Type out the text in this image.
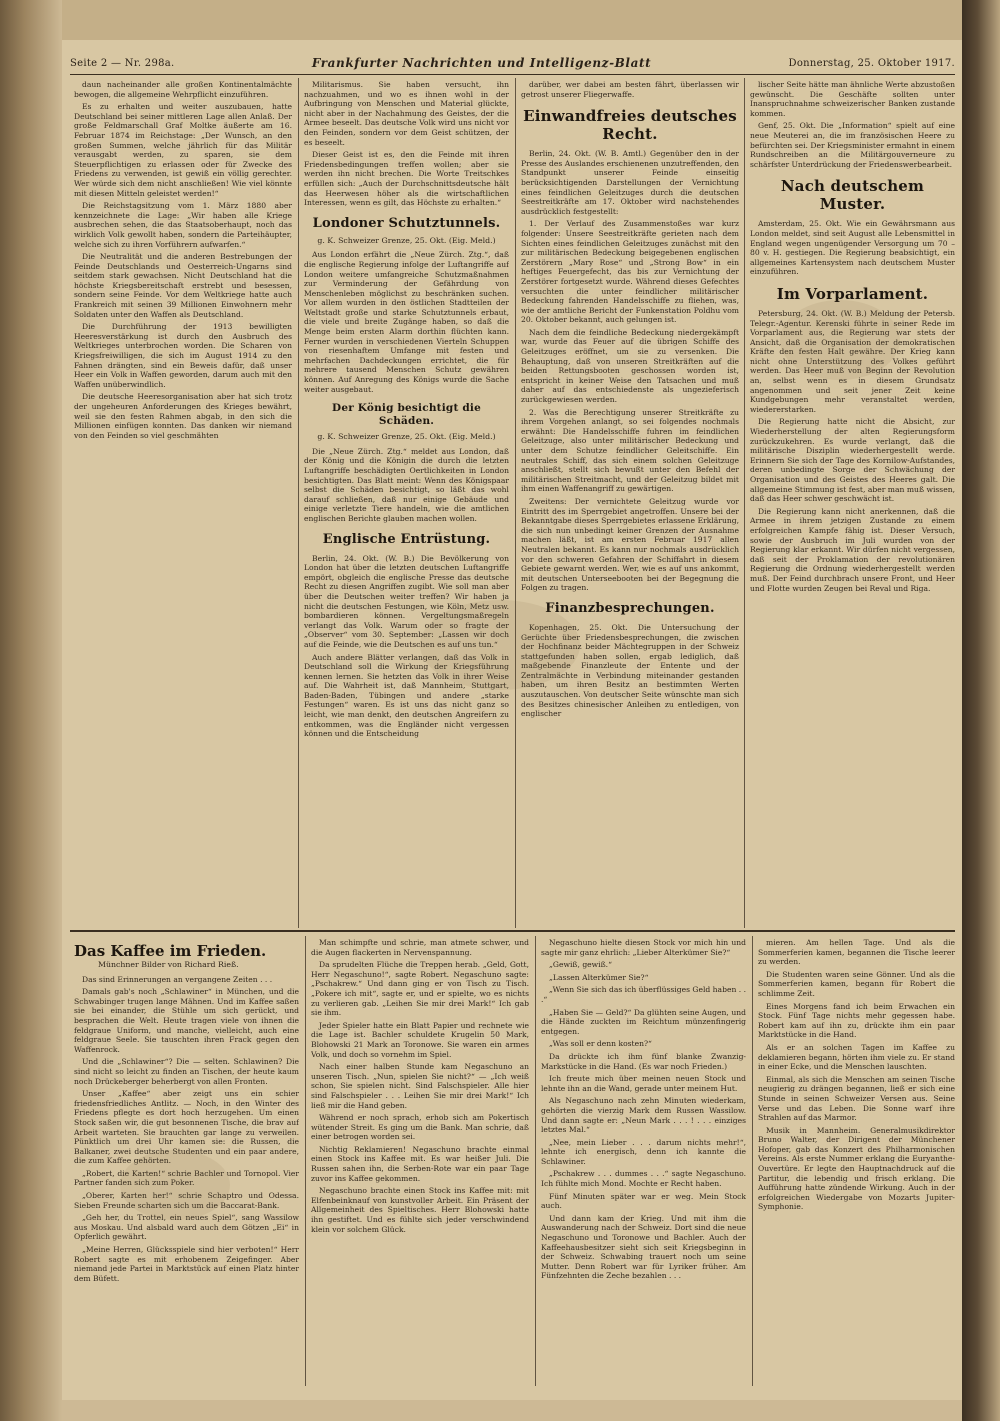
Seite 2 — Nr. 298a.	Frankfurter Nachrichten und Intelligenz-Blatt	Donnerstag, 25. Oktober 1917.

daun nacheinander alle großen Kontinentalmächte bewogen, die allgemeine Wehrpflicht einzuführen.

Es zu erhalten und weiter auszubauen, hatte Deutschland bei seiner mittleren Lage allen Anlaß. Der große Feldmarschall Graf Moltke äußerte am 16. Februar 1874 im Reichstage: „Der Wunsch, an den großen Summen, welche jährlich für das Militär verausgabt werden, zu sparen, sie dem Steuerpflichtigen zu erlassen oder für Zwecke des Friedens zu verwenden, ist gewiß ein völlig gerechter. Wer würde sich dem nicht anschließen! Wie viel könnte mit diesen Mitteln geleistet werden!“

Die Reichstagsitzung vom 1. März 1880 aber kennzeichnete die Lage: „Wir haben alle Kriege ausbrechen sehen, die das Staatsoberhaupt, noch das wirklich Volk gewollt haben, sondern die Parteihäupter, welche sich zu ihren Vorführern aufwarfen.“

Die Neutralität und die anderen Bestrebungen der Feinde Deutschlands und Oesterreich-Ungarns sind seitdem stark gewachsen. Nicht Deutschland hat die höchste Kriegsbereitschaft erstrebt und besessen, sondern seine Feinde. Vor dem Weltkriege hatte auch Frankreich mit seinen 39 Millionen Einwohnern mehr Soldaten unter den Waffen als Deutschland.

Die Durchführung der 1913 bewilligten Heeresverstärkung ist durch den Ausbruch des Weltkrieges unterbrochen worden. Die Scharen von Kriegsfreiwilligen, die sich im August 1914 zu den Fahnen drängten, sind ein Beweis dafür, daß unser Heer ein Volk in Waffen geworden, darum auch mit den Waffen unüberwindlich.

Die deutsche Heeresorganisation aber hat sich trotz der ungeheuren Anforderungen des Krieges bewährt, weil sie den festen Rahmen abgab, in den sich die Millionen einfügen konnten. Das danken wir niemand von den Feinden so viel geschmähten

Militarismus. Sie haben versucht, ihn nachzuahmen, und wo es ihnen wohl in der Aufbringung von Menschen und Material glückte, nicht aber in der Nachahmung des Geistes, der die Armee beseelt. Das deutsche Volk wird uns nicht vor den Feinden, sondern vor dem Geist schützen, der es beseelt.

Dieser Geist ist es, den die Feinde mit ihren Friedensbedingungen treffen wollen; aber sie werden ihn nicht brechen. Die Worte Treitschkes erfüllen sich: „Auch der Durchschnittsdeutsche hält das Heerwesen höher als die wirtschaftlichen Interessen, wenn es gilt, das Höchste zu erhalten.“

Londoner Schutztunnels.
g. K. Schweizer Grenze, 25. Okt. (Eig. Meld.)

Aus London erfährt die „Neue Zürch. Ztg.“, daß die englische Regierung infolge der Luftangriffe auf London weitere umfangreiche Schutzmaßnahmen zur Verminderung der Gefährdung von Menschenleben möglichst zu beschränken suchen. Vor allem wurden in den östlichen Stadtteilen der Weltstadt große und starke Schutztunnels erbaut, die viele und breite Zugänge haben, so daß die Menge beim ersten Alarm dorthin flüchten kann. Ferner wurden in verschiedenen Vierteln Schuppen von riesenhaftem Umfange mit festen und mehrfachen Dachdeckungen errichtet, die für mehrere tausend Menschen Schutz gewähren können. Auf Anregung des Königs wurde die Sache weiter ausgebaut.

Der König besichtigt die Schäden.
g. K. Schweizer Grenze, 25. Okt. (Eig. Meld.)

Die „Neue Zürch. Ztg.“ meldet aus London, daß der König und die Königin die durch die letzten Luftangriffe beschädigten Oertlichkeiten in London besichtigten. Das Blatt meint: Wenn des Königspaar selbst die Schäden besichtigt, so läßt das wohl darauf schließen, daß nur einige Gebäude und einige verletzte Tiere handeln, wie die amtlichen englischen Berichte glauben machen wollen.

Englische Entrüstung.

Berlin, 24. Okt. (W. B.) Die Bevölkerung von London hat über die letzten deutschen Luftangriffe empört, obgleich die englische Presse das deutsche Recht zu diesen Angriffen zugibt. Wie soll man aber über die Deutschen weiter treffen? Wir haben ja nicht die deutschen Festungen, wie Köln, Metz usw. bombardieren können. Vergeltungsmaßregeln verlangt das Volk. Warum oder so fragte der „Observer“ vom 30. September: „Lassen wir doch auf die Feinde, wie die Deutschen es auf uns tun.“

Auch andere Blätter verlangen, daß das Volk in Deutschland soll die Wirkung der Kriegsführung kennen lernen. Sie hetzten das Volk in ihrer Weise auf. Die Wahrheit ist, daß Mannheim, Stuttgart, Baden-Baden, Tübingen und andere „starke Festungen“ waren. Es ist uns das nicht ganz so leicht, wie man denkt, den deutschen Angreifern zu entkommen, was die Engländer nicht vergessen können und die Entscheidung

darüber, wer dabei am besten fährt, überlassen wir getrost unserer Fliegerwaffe.

Einwandfreies deutsches Recht.

Berlin, 24. Okt. (W. B. Amtl.) Gegenüber den in der Presse des Auslandes erschienenen unzutreffenden, den Standpunkt unserer Feinde einseitig berücksichtigenden Darstellungen der Vernichtung eines feindlichen Geleitzuges durch die deutschen Seestreitkräfte am 17. Oktober wird nachstehendes ausdrücklich festgestellt:

1. Der Verlauf des Zusammenstoßes war kurz folgender: Unsere Seestreitkräfte gerieten nach dem Sichten eines feindlichen Geleitzuges zunächst mit den zur militärischen Bedeckung beigegebenen englischen Zerstörern „Mary Rose“ und „Strong Bow“ in ein heftiges Feuergefecht, das bis zur Vernichtung der Zerstörer fortgesetzt wurde. Während dieses Gefechtes versuchten die unter feindlicher militärischer Bedeckung fahrenden Handelsschiffe zu fliehen, was, wie der amtliche Bericht der Funkenstation Poldhu vom 20. Oktober bekannt, auch gelungen ist.

Nach dem die feindliche Bedeckung niedergekämpft war, wurde das Feuer auf die übrigen Schiffe des Geleitzuges eröffnet, um sie zu versenken. Die Behauptung, daß von unseren Streitkräften auf die beiden Rettungsbooten geschossen worden ist, entspricht in keiner Weise den Tatsachen und muß daher auf das entschiedenste als ungezieferisch zurückgewiesen werden.

2. Was die Berechtigung unserer Streitkräfte zu ihrem Vorgehen anlangt, so sei folgendes nochmals erwähnt: Die Handelsschiffe fuhren im feindlichen Geleitzuge, also unter militärischer Bedeckung und unter dem Schutze feindlicher Geleitschiffe. Ein neutrales Schiff, das sich einem solchen Geleitzuge anschließt, stellt sich bewußt unter den Befehl der militärischen Streitmacht, und der Geleitzug bildet mit ihm einen Waffenangriff zu gewärtigen.

Zweitens: Der vernichtete Geleitzug wurde vor Eintritt des im Sperrgebiet angetroffen. Unsere bei der Bekanntgabe dieses Sperrgebietes erlassene Erklärung, die sich nun unbedingt keiner Grenzen der Ausnahme machen läßt, ist am ersten Februar 1917 allen Neutralen bekannt. Es kann nur nochmals ausdrücklich vor den schweren Gefahren der Schiffahrt in diesem Gebiete gewarnt werden. Wer, wie es auf uns ankommt, mit deutschen Unterseebooten bei der Begegnung die Folgen zu tragen.

Finanzbesprechungen.

Kopenhagen, 25. Okt. Die Untersuchung der Gerüchte über Friedensbesprechungen, die zwischen der Hochfinanz beider Mächtegruppen in der Schweiz stattgefunden haben sollen, ergab lediglich, daß maßgebende Finanzleute der Entente und der Zentralmächte in Verbindung miteinander gestanden haben, um ihren Besitz an bestimmten Werten auszutauschen. Von deutscher Seite wünschte man sich des Besitzes chinesischer Anleihen zu entledigen, von englischer

lischer Seite hätte man ähnliche Werte abzustoßen gewünscht. Die Geschäfte sollten unter Inanspruchnahme schweizerischer Banken zustande kommen.

Genf, 25. Okt. Die „Information“ spielt auf eine neue Meuterei an, die im französischen Heere zu befürchten sei. Der Kriegsminister ermahnt in einem Rundschreiben an die Militärgouverneure zu schärfster Unterdrückung der Friedenswerbearbeit.

Nach deutschem Muster.

Amsterdam, 25. Okt. Wie ein Gewährsmann aus London meldet, sind seit August alle Lebensmittel in England wegen ungenügender Versorgung um 70 – 80 v. H. gestiegen. Die Regierung beabsichtigt, ein allgemeines Kartensystem nach deutschem Muster einzuführen.

Im Vorparlament.

Petersburg, 24. Okt. (W. B.) Meldung der Petersb. Telegr.-Agentur. Kerenski führte in seiner Rede im Vorparlament aus, die Regierung war stets der Ansicht, daß die Organisation der demokratischen Kräfte den festen Halt gewähre. Der Krieg kann nicht ohne Unterstützung des Volkes geführt werden. Das Heer muß von Beginn der Revolution an, selbst wenn es in diesem Grundsatz angenommen und seit jener Zeit keine Kundgebungen mehr veranstaltet werden, wiedererstarken.

Die Regierung hatte nicht die Absicht, zur Wiederherstellung der alten Regierungsform zurückzukehren. Es wurde verlangt, daß die militärische Disziplin wiederhergestellt werde. Erinnern Sie sich der Tage des Kornilow-Aufstandes, deren unbedingte Sorge der Schwächung der Organisation und des Geistes des Heeres galt. Die allgemeine Stimmung ist fest, aber man muß wissen, daß das Heer schwer geschwächt ist.

Die Regierung kann nicht anerkennen, daß die Armee in ihrem jetzigen Zustande zu einem erfolgreichen Kampfe fähig ist. Dieser Versuch, sowie der Ausbruch im Juli wurden von der Regierung klar erkannt. Wir dürfen nicht vergessen, daß seit der Proklamation der revolutionären Regierung die Ordnung wiederhergestellt werden muß. Der Feind durchbrach unsere Front, und Heer und Flotte wurden Zeugen bei Reval und Riga.

Das Kaffee im Frieden.
Münchner Bilder von Richard Rieß.

Das sind Erinnerungen an vergangene Zeiten . . .

Damals gab's noch „Schlawiner“ in München, und die Schwabinger trugen lange Mähnen. Und im Kaffee saßen sie bei einander, die Stühle um sich gerückt, und besprachen die Welt. Heute tragen viele von ihnen die feldgraue Uniform, und manche, vielleicht, auch eine feldgraue Seele. Sie tauschten ihren Frack gegen den Waffenrock.

Und die „Schlawiner“? Die — selten. Schlawinen? Die sind nicht so leicht zu finden an Tischen, der heute kaum noch Drückeberger beherbergt von allen Fronten.

Unser „Kaffee“ aber zeigt uns ein schier friedensfriedliches Antlitz. — Noch, in den Winter des Friedens pflegte es dort hoch herzugehen. Um einen Stock saßen wir, die gut besonnenen Tische, die brav auf Arbeit warteten. Sie brauchten gar lange zu verweilen. Pünktlich um drei Uhr kamen sie: die Russen, die Balkaner, zwei deutsche Studenten und ein paar andere, die zum Kaffee gehörten.

„Robert, die Karten!“ schrie Bachler und Tornopol. Vier Partner fanden sich zum Poker.

„Oberer, Karten her!“ schrie Schaptro und Odessa. Sieben Freunde scharten sich um die Baccarat-Bank.

„Geh her, du Trottel, ein neues Spiel“, sang Wassilow aus Moskau. Und alsbald ward auch dem Götzen „Ei“ in Opferlich gewährt.

„Meine Herren, Glücksspiele sind hier verboten!“ Herr Robert sagte es mit erhobenem Zeigefinger. Aber niemand jede Partei in Marktstück auf einen Platz hinter dem Büfett.

Man schimpfte und schrie, man atmete schwer, und die Augen flackerten in Nervenspannung.

Da sprudelten Flüche die Treppen herab. „Geld, Gott, Herr Negaschuno!“, sagte Robert. Negaschuno sagte: „Pschakrew.“ Und dann ging er von Tisch zu Tisch. „Pokere ich mit“, sagte er, und er spielte, wo es nichts zu verlieren gab. „Leihen Sie mir drei Mark!“ Ich gab sie ihm.

Jeder Spieler hatte ein Blatt Papier und rechnete wie die Lage ist. Bachler schuldete Krugelin 50 Mark, Blohowski 21 Mark an Toronowe. Sie waren ein armes Volk, und doch so vornehm im Spiel.

Nach einer halben Stunde kam Negaschuno an unseren Tisch. „Nun, spielen Sie nicht?“ — „Ich weiß schon, Sie spielen nicht. Sind Falschspieler. Alle hier sind Falschspieler . . . Leihen Sie mir drei Mark!“ Ich ließ mir die Hand geben.

Während er noch sprach, erhob sich am Pokertisch wütender Streit. Es ging um die Bank. Man schrie, daß einer betrogen worden sei.

Nichtig Reklamieren! Negaschuno brachte einmal einen Stock ins Kaffee mit. Es war heißer Juli. Die Russen sahen ihn, die Serben-Rote war ein paar Tage zuvor ins Kaffee gekommen.

Negaschuno brachte einen Stock ins Kaffee mit: mit Elfenbeinknauf von kunstvoller Arbeit. Ein Präsent der Allgemeinheit des Spieltisches. Herr Blohowski hatte ihn gestiftet. Und es fühlte sich jeder verschwindend klein vor solchem Glück.

Negaschuno hielte diesen Stock vor mich hin und sagte mir ganz ehrlich: „Lieber Alterkümer Sie?“

„Gewiß, gewiß.“

„Lassen Alterkümer Sie?“

„Wenn Sie sich das ich überflüssiges Geld haben . . .“

„Haben Sie — Geld?“ Da glühten seine Augen, und die Hände zuckten im Reichtum münzenfingerig entgegen.

„Was soll er denn kosten?“

Da drückte ich ihm fünf blanke Zwanzig-Markstücke in die Hand. (Es war noch Frieden.)

Ich freute mich über meinen neuen Stock und lehnte ihn an die Wand, gerade unter meinem Hut.

Als Negaschuno nach zehn Minuten wiederkam, gehörten die vierzig Mark dem Russen Wassilow. Und dann sagte er: „Neun Mark . . . ! . . . einziges letztes Mal.“

„Nee, mein Lieber . . . darum nichts mehr!“, lehnte ich energisch, denn ich kannte die Schlawiner.

„Pschakrew . . . dummes . . .“ sagte Negaschuno. Ich fühlte mich Mond. Mochte er Recht haben.

Fünf Minuten später war er weg. Mein Stock auch.

Und dann kam der Krieg. Und mit ihm die Auswanderung nach der Schweiz. Dort sind die neue Negaschuno und Toronowe und Bachler. Auch der Kaffeehausbesitzer sieht sich seit Kriegsbeginn in der Schweiz. Schwabing trauert noch um seine Mutter. Denn Robert war für Lyriker früher. Am Fünfzehnten die Zeche bezahlen . . .

mieren. Am hellen Tage. Und als die Sommerferien kamen, begannen die Tische leerer zu werden.

Die Studenten waren seine Gönner. Und als die Sommerferien kamen, begann für Robert die schlimme Zeit.

Eines Morgens fand ich beim Erwachen ein Stock. Fünf Tage nichts mehr gegessen habe. Robert kam auf ihn zu, drückte ihm ein paar Marktstücke in die Hand.

Als er an solchen Tagen im Kaffee zu deklamieren begann, hörten ihm viele zu. Er stand in einer Ecke, und die Menschen lauschten.

Einmal, als sich die Menschen am seinen Tische neugierig zu drängen begannen, ließ er sich eine Stunde in seinen Schweizer Versen aus. Seine Verse und das Leben. Die Sonne warf ihre Strahlen auf das Marmor.

Musik in Mannheim. Generalmusikdirektor Bruno Walter, der Dirigent der Münchener Hofoper, gab das Konzert des Philharmonischen Vereins. Als erste Nummer erklang die Euryanthe-Ouvertüre. Er legte den Hauptnachdruck auf die Partitur, die lebendig und frisch erklang. Die Aufführung hatte zündende Wirkung. Auch in der erfolgreichen Wiedergabe von Mozarts Jupiter-Symphonie.
